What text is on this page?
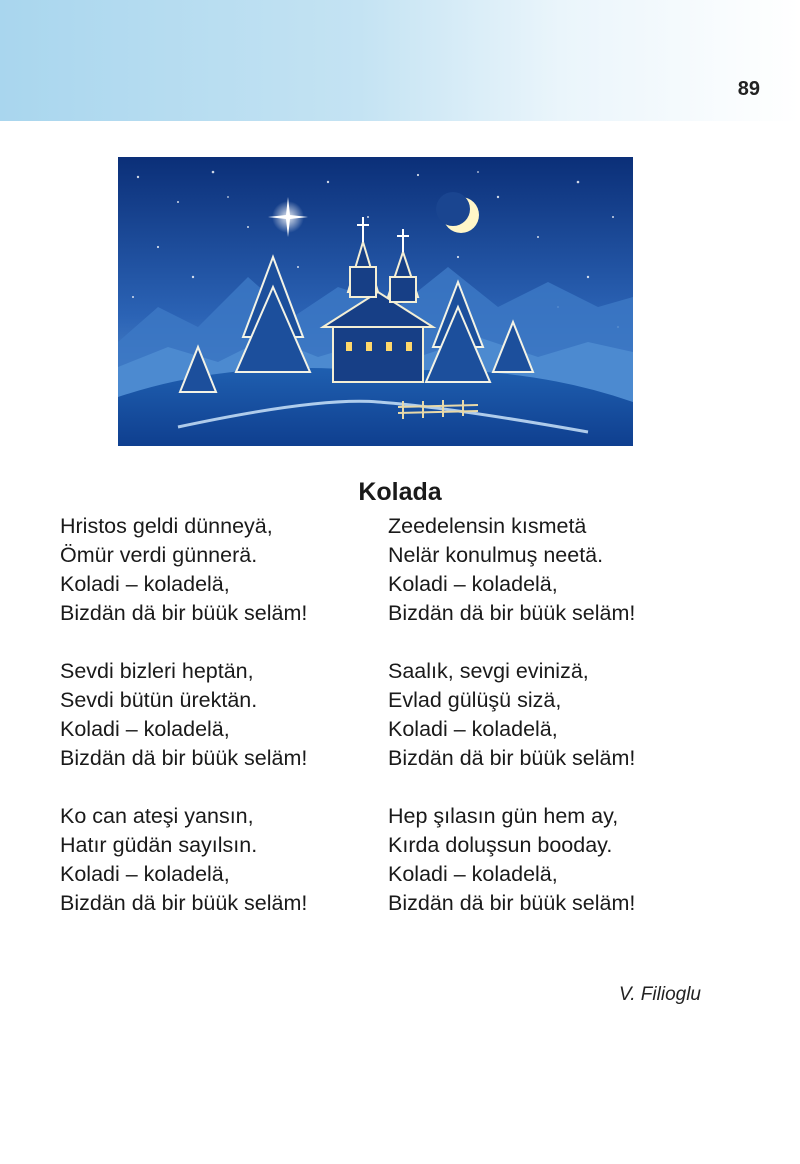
89
Kolada
Hristos geldi dünneyä,
Ömür verdi günnerä.
Koladi – koladelä,
Bizdän dä bir büük seläm!
Sevdi bizleri heptän,
Sevdi bütün ürektän.
Koladi – koladelä,
Bizdän dä bir büük seläm!
Ko can ateşi yansın,
Hatır güdän sayılsın.
Koladi – koladelä,
Bizdän dä bir büük seläm!
Zeedelensin kısmetä
Nelär konulmuş neetä.
Koladi – koladelä,
Bizdän dä bir büük seläm!
Saalık, sevgi evinizä,
Evlad gülüşü sizä,
Koladi – koladelä,
Bizdän dä bir büük seläm!
Hep şılasın gün hem ay,
Kırda doluşsun booday.
Koladi – koladelä,
Bizdän dä bir büük seläm!
V. Filioglu
